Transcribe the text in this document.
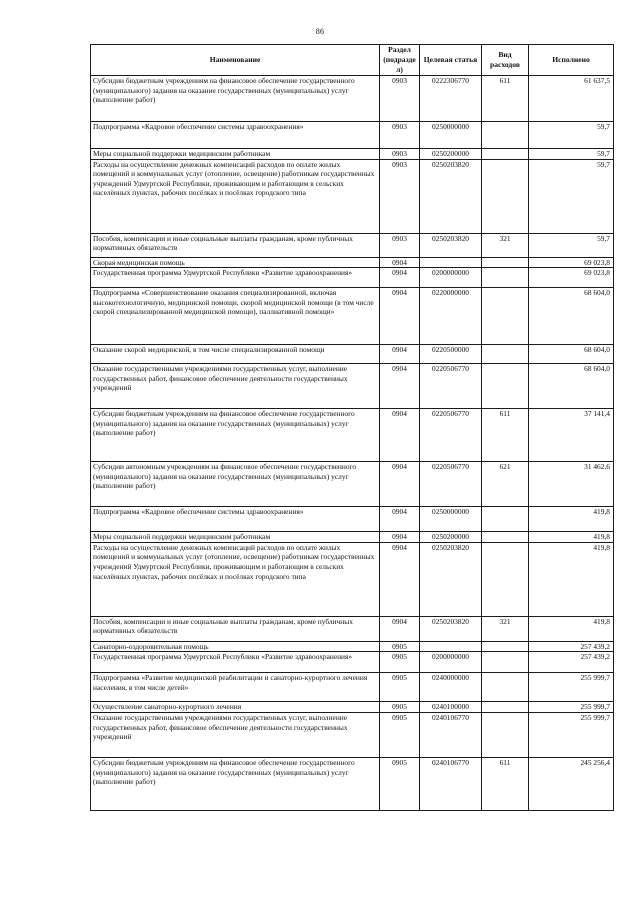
86
Наименование	Раздел (подраздел)	Целевая статья	Вид расходов	Исполнено
Субсидии бюджетным учреждениям на финансовое обеспечение государственного (муниципального) задания на оказание государственных (муниципальных) услуг (выполнение работ)	0903	0222306770	611	61 637,5
Подпрограмма «Кадровое обеспечение системы здравоохранения»	0903	0250000000		59,7
Меры социальной поддержки медицинским работникам	0903	0250200000		59,7
Расходы на осуществление денежных компенсаций расходов по оплате жилых помещений и коммунальных услуг (отопление, освещение) работникам государственных учреждений Удмуртской Республики, проживающим и работающим в сельских населённых пунктах, рабочих посёлках и посёлках городского типа	0903	0250203820		59,7
Пособия, компенсации и иные социальные выплаты гражданам, кроме публичных нормативных обязательств	0903	0250203820	321	59,7
Скорая медицинская помощь	0904			69 023,8
Государственная программа Удмуртской Республики «Развитие здравоохранения»	0904	0200000000		69 023,8
Подпрограмма «Совершенствование оказания специализированной, включая высокотехнологичную, медицинской помощи, скорой медицинской помощи (в том числе скорой специализированной медицинской помощи), паллиативной помощи»	0904	0220000000		68 604,0
Оказание скорой медицинской, в том числе специализированной помощи	0904	0220500000		68 604,0
Оказание государственными учреждениями государственных услуг, выполнение государственных работ, финансовое обеспечение деятельности государственных учреждений	0904	0220506770		68 604,0
Субсидии бюджетным учреждениям на финансовое обеспечение государственного (муниципального) задания на оказание государственных (муниципальных) услуг (выполнение работ)	0904	0220506770	611	37 141,4
Субсидии автономным учреждениям на финансовое обеспечение государственного (муниципального) задания на оказание государственных (муниципальных) услуг (выполнение работ)	0904	0220506770	621	31 462,6
Подпрограмма «Кадровое обеспечение системы здравоохранения»	0904	0250000000		419,8
Меры социальной поддержки медицинским работникам	0904	0250200000		419,8
Расходы на осуществление денежных компенсаций расходов по оплате жилых помещений и коммунальных услуг (отопление, освещение) работникам государственных учреждений Удмуртской Республики, проживающим и работающим в сельских населённых пунктах, рабочих посёлках и посёлках городского типа	0904	0250203820		419,8
Пособия, компенсации и иные социальные выплаты гражданам, кроме публичных нормативных обязательств	0904	0250203820	321	419,8
Санаторно-оздоровительная помощь	0905			257 439,2
Государственная программа Удмуртской Республики «Развитие здравоохранения»	0905	0200000000		257 439,2
Подпрограмма «Развитие медицинской реабилитации и санаторно-курортного лечения населения, в том числе детей»	0905	0240000000		255 999,7
Осуществление санаторно-курортного лечения	0905	0240100000		255 999,7
Оказание государственными учреждениями государственных услуг, выполнение государственных работ, финансовое обеспечение деятельности государственных учреждений	0905	0240106770		255 999,7
Субсидии бюджетным учреждениям на финансовое обеспечение государственного (муниципального) задания на оказание государственных (муниципальных) услуг (выполнение работ)	0905	0240106770	611	245 256,4
